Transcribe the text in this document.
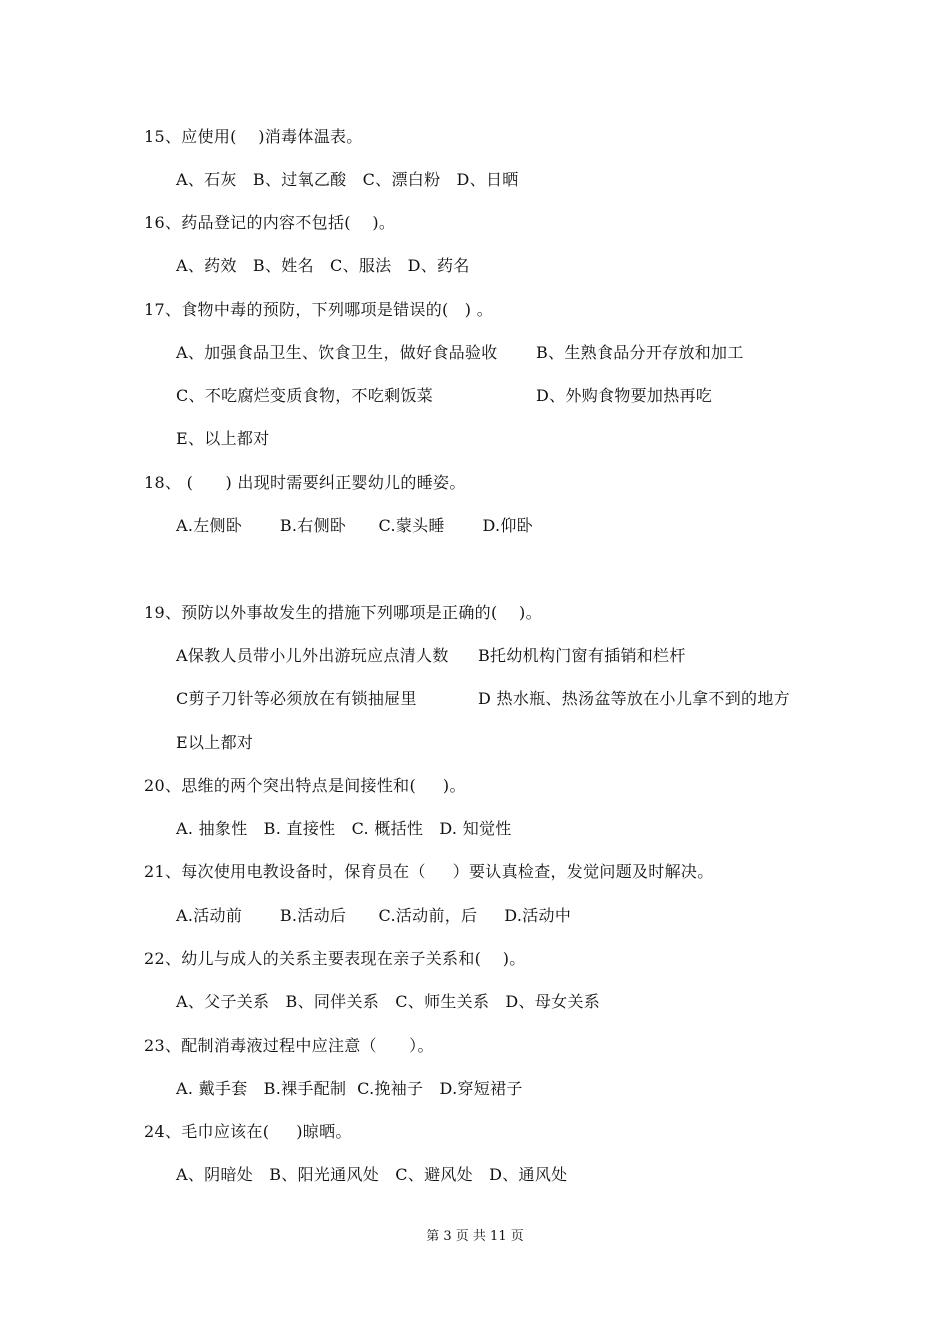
15、应使用(    )消毒体温表。
A、石灰   B、过氧乙酸   C、漂白粉   D、日晒
16、药品登记的内容不包括(    )。
A、药效   B、姓名   C、服法   D、药名
17、食物中毒的预防，下列哪项是错误的(   ) 。
A、加强食品卫生、饮食卫生，做好食品验收 B、生熟食品分开存放和加工
C、不吃腐烂变质食物，不吃剩饭菜	D、外购食物要加热再吃
E、以上都对
18、 (      ) 出现时需要纠正婴幼儿的睡姿。
A.左侧卧       B.右侧卧      C.蒙头睡       D.仰卧
19、预防以外事故发生的措施下列哪项是正确的(    )。
A保教人员带小儿外出游玩应点清人数 B托幼机构门窗有插销和栏杆
C剪子刀针等必须放在有锁抽屉里	D 热水瓶、热汤盆等放在小儿拿不到的地方
E以上都对
20、思维的两个突出特点是间接性和(     )。
A. 抽象性   B. 直接性   C. 概括性   D. 知觉性
21、每次使用电教设备时，保育员在（     ）要认真检查，发觉问题及时解决。
A.活动前       B.活动后      C.活动前，后     D.活动中
22、幼儿与成人的关系主要表现在亲子关系和(    )。
A、父子关系   B、同伴关系   C、师生关系   D、母女关系
23、配制消毒液过程中应注意（      ）。
A. 戴手套   B.裸手配制  C.挽袖子   D.穿短裙子
24、毛巾应该在(     )晾晒。
A、阴暗处   B、阳光通风处   C、避风处   D、通风处
第 3 页 共 11 页
